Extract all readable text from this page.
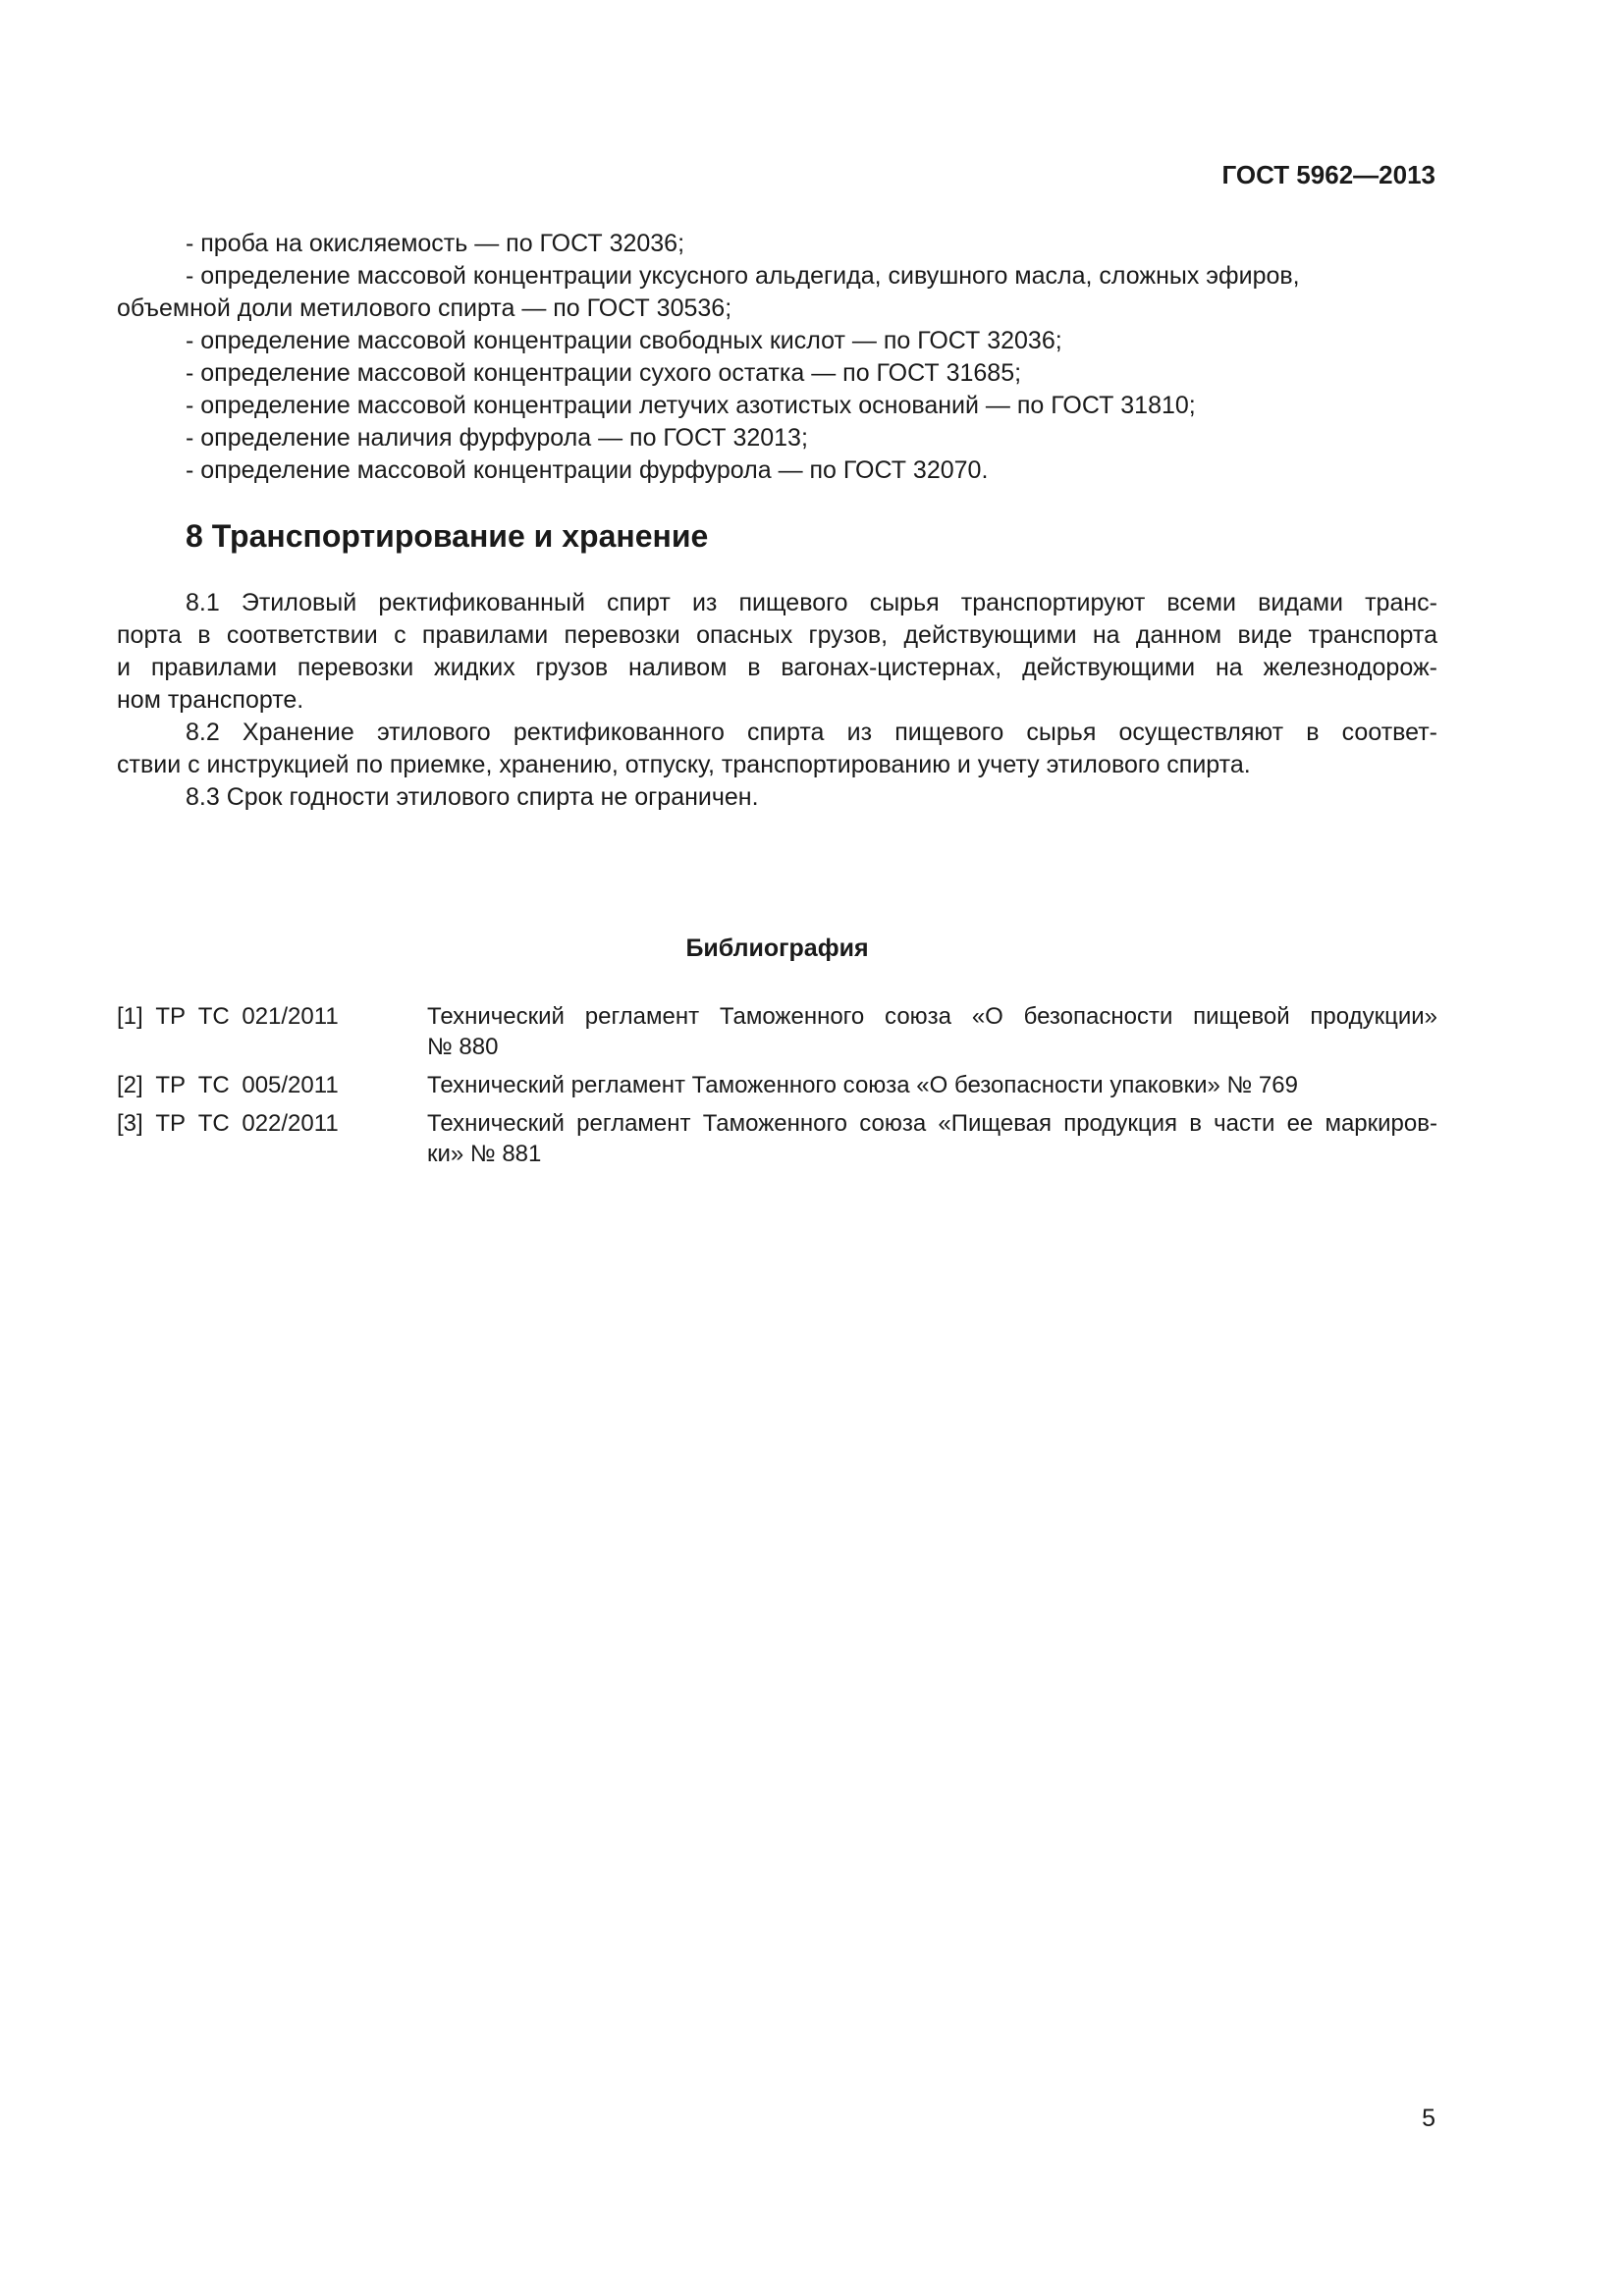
ГОСТ 5962—2013
- проба на окисляемость — по ГОСТ 32036;
- определение массовой концентрации уксусного альдегида, сивушного масла, сложных эфиров,
объемной доли метилового спирта — по ГОСТ 30536;
- определение массовой концентрации свободных кислот — по ГОСТ 32036;
- определение массовой концентрации сухого остатка — по ГОСТ 31685;
- определение массовой концентрации летучих азотистых оснований — по ГОСТ 31810;
- определение наличия фурфурола — по ГОСТ 32013;
- определение массовой концентрации фурфурола — по ГОСТ 32070.
8 Транспортирование и хранение
8.1 Этиловый ректификованный спирт из пищевого сырья транспортируют всеми видами транс-
порта в соответствии с правилами перевозки опасных грузов, действующими на данном виде транспорта
и правилами перевозки жидких грузов наливом в вагонах-цистернах, действующими на железнодорож-
ном транспорте.
8.2 Хранение этилового ректификованного спирта из пищевого сырья осуществляют в соответ-
ствии с инструкцией по приемке, хранению, отпуску, транспортированию и учету этилового спирта.
8.3 Срок годности этилового спирта не ограничен.
Библиография
[1] ТР ТС 021/2011	Технический регламент Таможенного союза «О безопасности пищевой продукции»
№ 880
[2] ТР ТС 005/2011	Технический регламент Таможенного союза «О безопасности упаковки» № 769
[3] ТР ТС 022/2011	Технический регламент Таможенного союза «Пищевая продукция в части ее маркиров-
ки» № 881
5
